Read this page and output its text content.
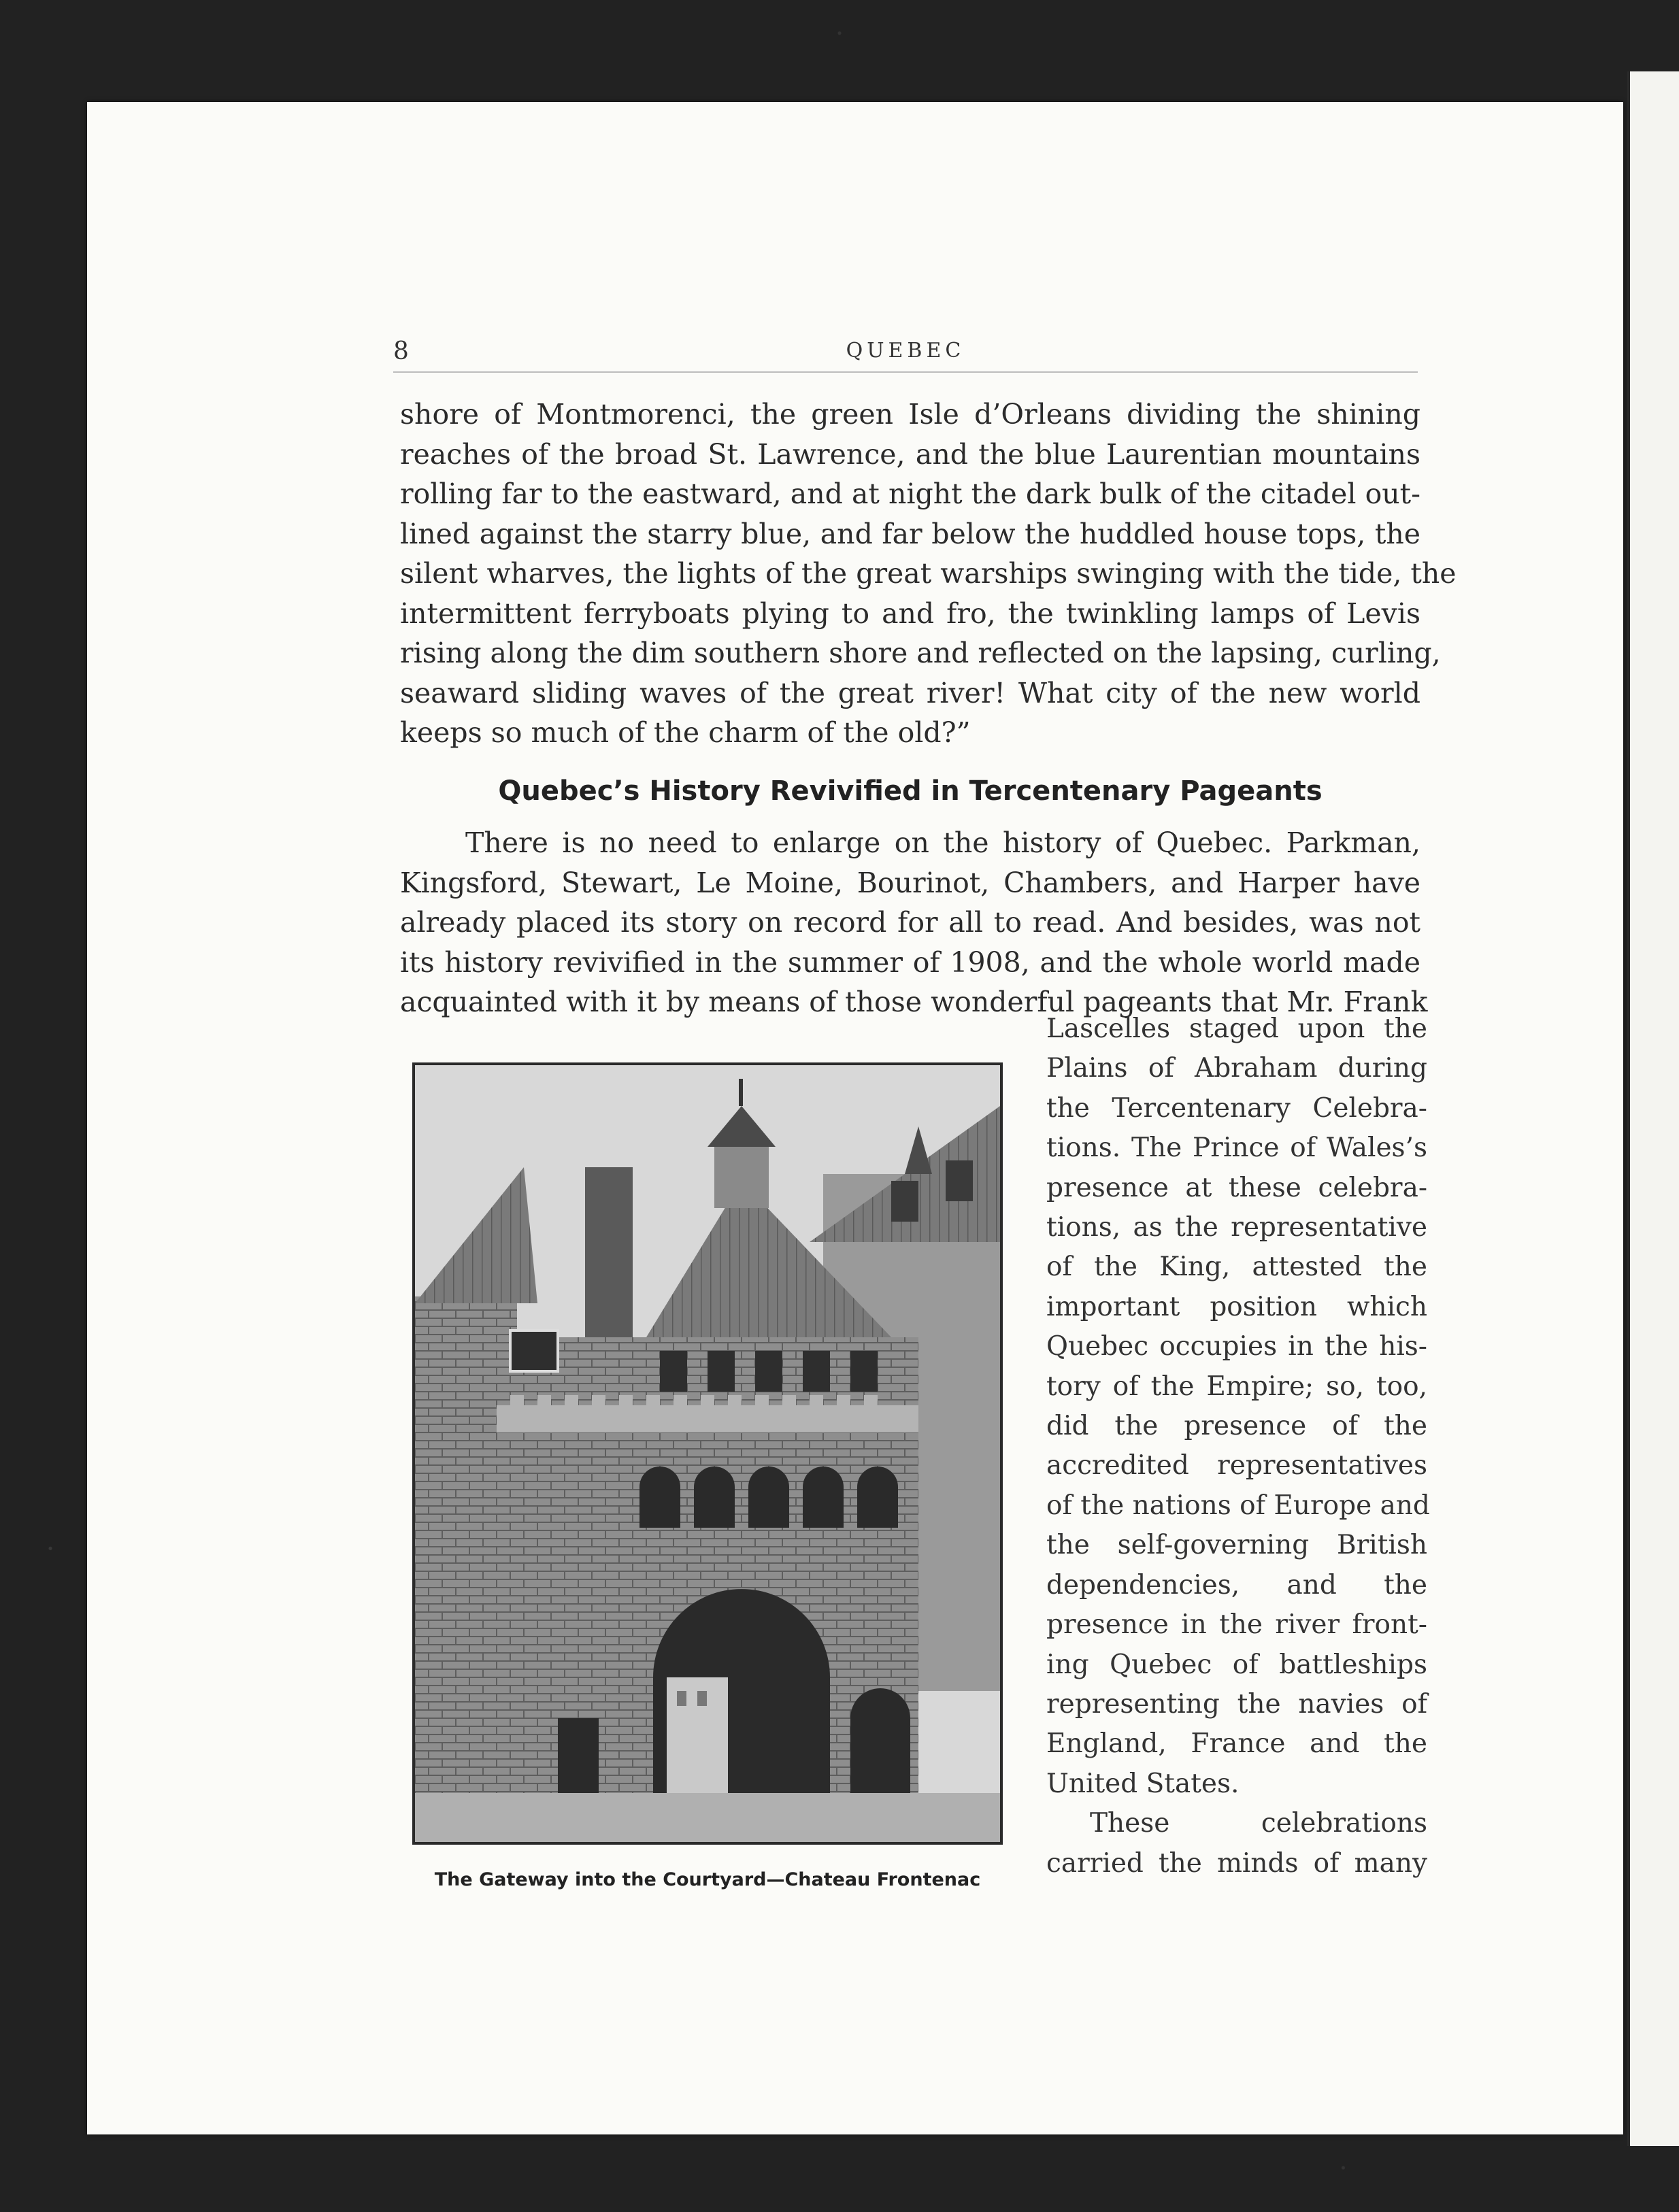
8	QUEBEC
shore of Montmorenci, the green Isle d’Orleans dividing the shining
reaches of the broad St. Lawrence, and the blue Laurentian mountains
rolling far to the eastward, and at night the dark bulk of the citadel out-
lined against the starry blue, and far below the huddled house tops, the
silent wharves, the lights of the great warships swinging with the tide, the
intermittent ferryboats plying to and fro, the twinkling lamps of Levis
rising along the dim southern shore and reflected on the lapsing, curling,
seaward sliding waves of the great river! What city of the new world
keeps so much of the charm of the old?”
Quebec’s History Revivified in Tercentenary Pageants
There is no need to enlarge on the history of Quebec. Parkman,
Kingsford, Stewart, Le Moine, Bourinot, Chambers, and Harper have
already placed its story on record for all to read. And besides, was not
its history revivified in the summer of 1908, and the whole world made
acquainted with it by means of those wonderful pageants that Mr. Frank
Lascelles staged upon the
Plains of Abraham during
the Tercentenary Celebra-
tions. The Prince of Wales’s
presence at these celebra-
tions, as the representative
of the King, attested the
important position which
Quebec occupies in the his-
tory of the Empire; so, too,
did the presence of the
accredited representatives
of the nations of Europe and
the self-governing British
dependencies, and the
presence in the river front-
ing Quebec of battleships
representing the navies of
England, France and the
United States.
These celebrations
carried the minds of many
The Gateway into the Courtyard—Chateau Frontenac
